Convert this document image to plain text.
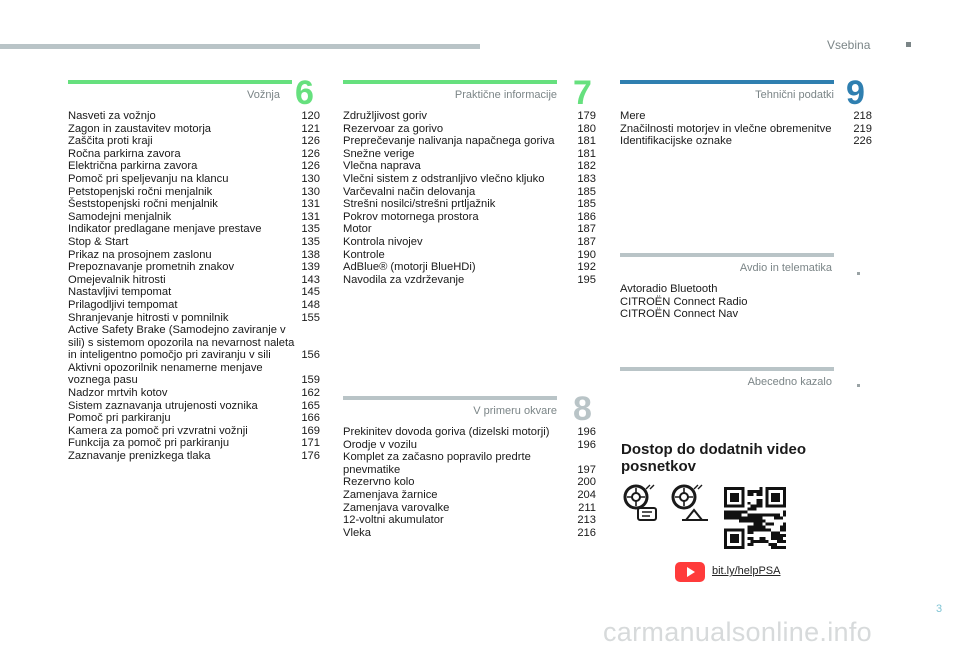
Vsebina
Vožnja 6
Nasveti za vožnjo	120
Zagon in zaustavitev motorja	121
Zaščita proti kraji	126
Ročna parkirna zavora	126
Električna parkirna zavora	126
Pomoč pri speljevanju na klancu	130
Petstopenjski ročni menjalnik	130
Šeststopenjski ročni menjalnik	131
Samodejni menjalnik	131
Indikator predlagane menjave prestave	135
Stop & Start	135
Prikaz na prosojnem zaslonu	138
Prepoznavanje prometnih znakov	139
Omejevalnik hitrosti	143
Nastavljivi tempomat	145
Prilagodljivi tempomat	148
Shranjevanje hitrosti v pomnilnik	155
Active Safety Brake (Samodejno zaviranje v sili) s sistemom opozorila na nevarnost naleta in inteligentno pomočjo pri zaviranju v sili	156
Aktivni opozorilnik nenamerne menjave voznega pasu	159
Nadzor mrtvih kotov	162
Sistem zaznavanja utrujenosti voznika	165
Pomoč pri parkiranju	166
Kamera za pomoč pri vzvratni vožnji	169
Funkcija za pomoč pri parkiranju	171
Zaznavanje prenizkega tlaka	176
Praktične informacije 7
Združljivost goriv	179
Rezervoar za gorivo	180
Preprečevanje nalivanja napačnega goriva	181
Snežne verige	181
Vlečna naprava	182
Vlečni sistem z odstranljivo vlečno kljuko	183
Varčevalni način delovanja	185
Strešni nosilci/strešni prtljažnik	185
Pokrov motornega prostora	186
Motor	187
Kontrola nivojev	187
Kontrole	190
AdBlue® (motorji BlueHDi)	192
Navodila za vzdrževanje	195
V primeru okvare 8
Prekinitev dovoda goriva (dizelski motorji)	196
Orodje v vozilu	196
Komplet za začasno popravilo predrte pnevmatike	197
Rezervno kolo	200
Zamenjava žarnice	204
Zamenjava varovalke	211
12-voltni akumulator	213
Vleka	216
Tehnični podatki 9
Mere	218
Značilnosti motorjev in vlečne obremenitve	219
Identifikacijske oznake	226
Avdio in telematika
Avtoradio Bluetooth
CITROËN Connect Radio
CITROËN Connect Nav
Abecedno kazalo
Dostop do dodatnih video posnetkov
bit.ly/helpPSA
3
carmanualsonline.info
